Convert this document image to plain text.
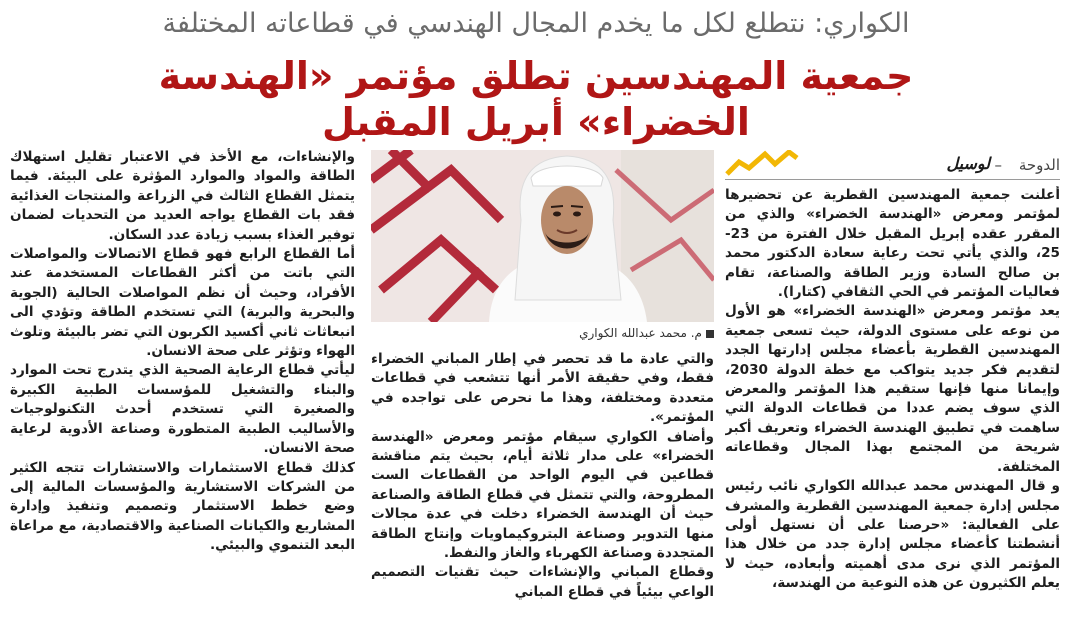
الكواري: نتطلع لكل ما يخدم المجال الهندسي في قطاعاته المختلفة
جمعية المهندسين تطلق مؤتمر «الهندسة
الخضراء» أبريل المقبل
الدوحة
–
لوسيل
م. محمد عبدالله الكواري

أعلنت جمعية المهندسين القطرية عن تحضيرها لمؤتمر ومعرض «الهندسة الخضراء» والذي من المقرر عقده إبريل المقبل خلال الفترة من 23-25، والذي يأتي تحت رعاية سعادة الدكتور محمد بن صالح السادة وزير الطاقة والصناعة، تقام فعاليات المؤتمر في الحي الثقافي (كتارا).

يعد مؤتمر ومعرض «الهندسة الخضراء» هو الأول من نوعه على مستوى الدولة، حيث تسعى جمعية المهندسين القطرية بأعضاء مجلس إدارتها الجدد لتقديم فكر جديد يتواكب مع خطة الدولة 2030، وإيمانا منها فإنها ستقيم هذا المؤتمر والمعرض الذي سوف يضم عددا من قطاعات الدولة التي ساهمت في تطبيق الهندسة الخضراء وتعريف أكبر شريحة من المجتمع بهذا المجال وقطاعاته المختلفة.

و قال المهندس محمد عبدالله الكواري نائب رئيس مجلس إدارة جمعية المهندسين القطرية والمشرف على الفعالية: «حرصنا على أن نستهل أولى أنشطتنا كأعضاء مجلس إدارة جدد من خلال هذا المؤتمر الذي نرى مدى أهميته وأبعاده، حيث لا يعلم الكثيرون عن هذه النوعية من الهندسة،

والتي عادة ما قد تحصر في إطار المباني الخضراء فقط، وفي حقيقة الأمر أنها تتشعب في قطاعات متعددة ومختلفة، وهذا ما نحرص على تواجده في المؤتمر».

وأضاف الكواري سيقام مؤتمر ومعرض «الهندسة الخضراء» على مدار ثلاثة أيام، بحيث يتم مناقشة قطاعين في اليوم الواحد من القطاعات الست المطروحة، والتي تتمثل في قطاع الطاقة والصناعة حيث أن الهندسة الخضراء دخلت في عدة مجالات منها التدوير وصناعة البتروكيماويات وإنتاج الطاقة المتجددة وصناعة الكهرباء والغاز والنفط.

وقطاع المباني والإنشاءات حيث تقنيات التصميم الواعي بيئياً في قطاع المباني

والإنشاءات، مع الأخذ في الاعتبار تقليل استهلاك الطاقة والمواد والموارد المؤثرة على البيئة. فيما يتمثل القطاع الثالث في الزراعة والمنتجات الغذائية فقد بات القطاع يواجه العديد من التحديات لضمان توفير الغذاء بسبب زيادة عدد السكان.

أما القطاع الرابع فهو قطاع الاتصالات والمواصلات التي باتت من أكثر القطاعات المستخدمة عند الأفراد، وحيث أن نظم المواصلات الحالية (الجوية والبحرية والبرية) التي تستخدم الطاقة وتؤدي الى انبعاثات ثاني أكسيد الكربون التي تضر بالبيئة وتلوث الهواء وتؤثر على صحة الانسان.

ليأتي قطاع الرعاية الصحية الذي يتدرج تحت الموارد والبناء والتشغيل للمؤسسات الطبية الكبيرة والصغيرة التي تستخدم أحدث التكنولوجيات والأساليب الطبية المتطورة وصناعة الأدوية لرعاية صحة الانسان.

كذلك قطاع الاستثمارات والاستشارات تتجه الكثير من الشركات الاستشارية والمؤسسات المالية إلى وضع خطط الاستثمار وتصميم وتنفيذ وإدارة المشاريع والكيانات الصناعية والاقتصادية، مع مراعاة البعد التنموي والبيئي.
